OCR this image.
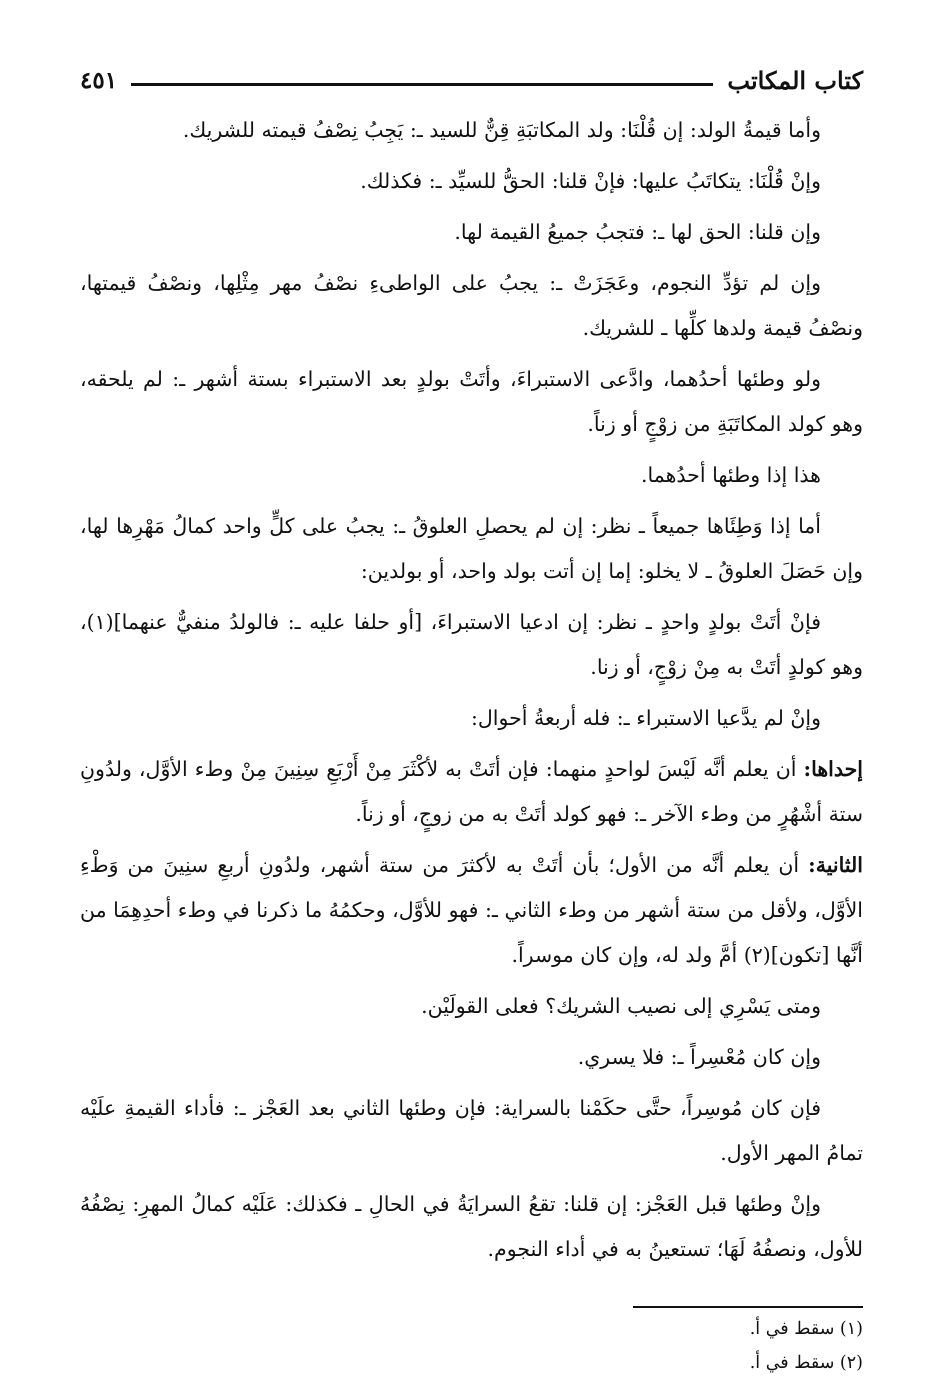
كتاب المكاتب
٤٥١

وأما قيمةُ الولد: إن قُلْنَا: ولد المكاتبَةِ قِنٌّ للسيد ـ: يَجِبُ نِصْفُ قيمته للشريك.

وإنْ قُلْنَا: يتكاتَبُ عليها: فإنْ قلنا: الحقُّ للسيِّد ـ: فكذلك.

وإن قلنا: الحق لها ـ: فتجبُ جميعُ القيمة لها.

وإن لم تؤدِّ النجوم، وعَجَزَتْ ـ: يجبُ على الواطىءِ نصْفُ مهر مِثْلِها، ونصْفُ قيمتها، ونصْفُ قيمة ولدها كلِّها ـ للشريك.

ولو وطئها أحدُهما، وادَّعى الاستبراءَ، وأتَتْ بولدٍ بعد الاستبراء بستة أشهر ـ: لم يلحقه، وهو كولد المكاتَبَةِ من زوْجٍ أو زناً.

هذا إذا وطئها أحدُهما.

أما إذا وَطِئَاها جميعاً ـ نظر: إن لم يحصلِ العلوقُ ـ: يجبُ على كلٍّ واحد كمالُ مَهْرِها لها، وإن حَصَلَ العلوقُ ـ لا يخلو: إما إن أتت بولد واحد، أو بولدين:

فإنْ أتَتْ بولدٍ واحدٍ ـ نظر: إن ادعيا الاستبراءَ، [أو حلفا عليه ـ: فالولدُ منفيٌّ عنهما](١)، وهو كولدٍ أتَتْ به مِنْ زوْجٍ، أو زنا.

وإنْ لم يدَّعيا الاستبراء ـ: فله أربعةُ أحوال:

إحداها: أن يعلم أنَّه لَيْسَ لواحدٍ منهما: فإن أتَتْ به لأكْثَرَ مِنْ أَرْبَعِ سِنِينَ مِنْ وطء الأوَّل، ولدُونِ ستة أشْهُرٍ من وطء الآخر ـ: فهو كولد أتَتْ به من زوجٍ، أو زناً.

الثانية: أن يعلم أنَّه من الأول؛ بأن أتَتْ به لأكثرَ من ستة أشهر، ولدُونِ أربعِ سنِينَ من وَطْءِ الأوَّل، ولأقل من ستة أشهر من وطء الثاني ـ: فهو للأوَّل، وحكمُهُ ما ذكرنا في وطء أحدِهِمَا من أنَّها [تكون](٢) أمَّ ولد له، وإن كان موسراً.

ومتى يَسْرِي إلى نصيب الشريك؟ فعلى القولَيْن.

وإن كان مُعْسِراً ـ: فلا يسري.

فإن كان مُوسِراً، حتَّى حكَمْنا بالسراية: فإن وطئها الثاني بعد العَجْز ـ: فأداء القيمةِ علَيْه تمامُ المهر الأول.

وإنْ وطئها قبل العَجْز: إن قلنا: تقعُ السرايَةُ في الحالِ ـ فكذلك: عَلَيْه كمالُ المهرِ: نِصْفُهُ للأول، ونصفُهُ لَهَا؛ تستعينُ به في أداء النجوم.

(١) سقط في أ.
(٢) سقط في أ.
